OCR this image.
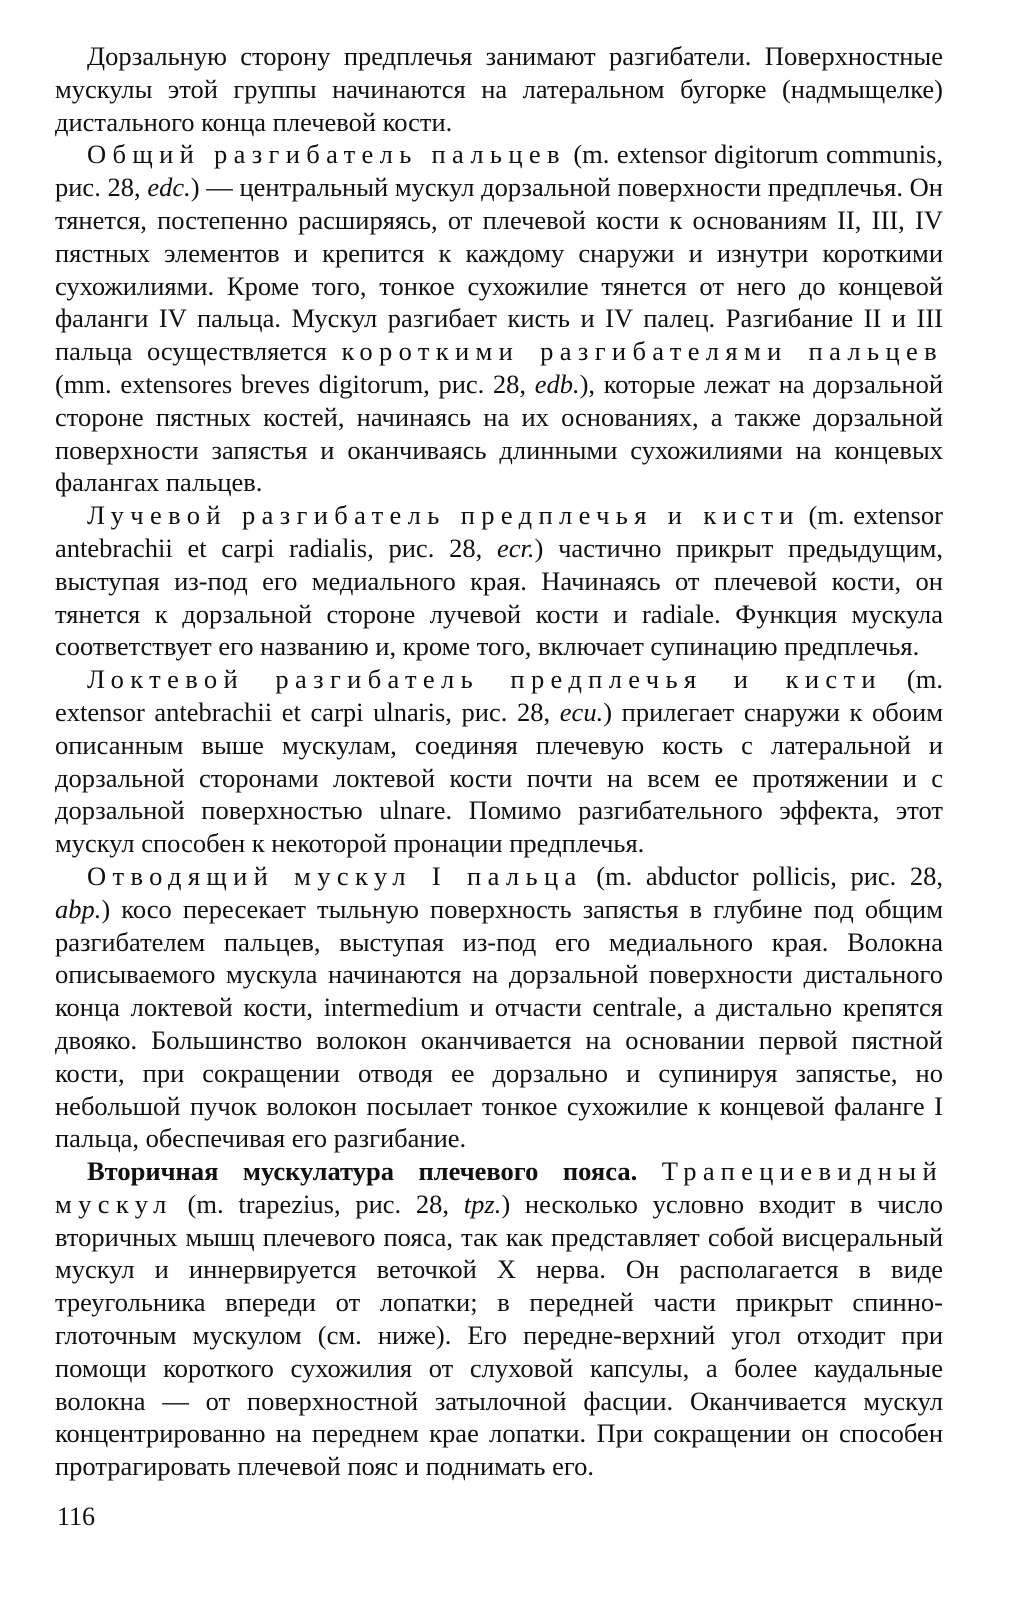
Дорзальную сторону предплечья занимают разгибатели. Поверхностные мускулы этой группы начинаются на латеральном бугорке (надмыщелке) дистального конца плечевой кости.

Общий разгибатель пальцев (m. extensor digitorum communis, рис. 28, edc.) — центральный мускул дорзальной поверхности предплечья. Он тянется, постепенно расширяясь, от плечевой кости к основаниям II, III, IV пястных элементов и крепится к каждому снаружи и изнутри короткими сухожилиями. Кроме того, тонкое сухожилие тянется от него до концевой фаланги IV пальца. Мускул разгибает кисть и IV палец. Разгибание II и III пальца осуществляется короткими разгибателями пальцев (mm. extensores breves digitorum, рис. 28, edb.), которые лежат на дорзальной стороне пястных костей, начинаясь на их основаниях, а также дорзальной поверхности запястья и оканчиваясь длинными сухожилиями на концевых фалангах пальцев.

Лучевой разгибатель предплечья и кисти (m. extensor antebrachii et carpi radialis, рис. 28, ecr.) частично прикрыт предыдущим, выступая из-под его медиального края. Начинаясь от плечевой кости, он тянется к дорзальной стороне лучевой кости и radiale. Функция мускула соответствует его названию и, кроме того, включает супинацию предплечья.

Локтевой разгибатель предплечья и кисти (m. extensor antebrachii et carpi ulnaris, рис. 28, ecu.) прилегает снаружи к обоим описанным выше мускулам, соединяя плечевую кость с латеральной и дорзальной сторонами локтевой кости почти на всем ее протяжении и с дорзальной поверхностью ulnare. Помимо разгибательного эффекта, этот мускул способен к некоторой пронации предплечья.

Отводящий мускул I пальца (m. abductor pollicis, рис. 28, abp.) косо пересекает тыльную поверхность запястья в глубине под общим разгибателем пальцев, выступая из-под его медиального края. Волокна описываемого мускула начинаются на дорзальной поверхности дистального конца локтевой кости, intermedium и отчасти centrale, а дистально крепятся двояко. Большинство волокон оканчивается на основании первой пястной кости, при сокращении отводя ее дорзально и супинируя запястье, но небольшой пучок волокон посылает тонкое сухожилие к концевой фаланге I пальца, обеспечивая его разгибание.

Вторичная мускулатура плечевого пояса. Трапециевидный мускул (m. trapezius, рис. 28, tpz.) несколько условно входит в число вторичных мышц плечевого пояса, так как представляет собой висцеральный мускул и иннервируется веточкой X нерва. Он располагается в виде треугольника впереди от лопатки; в передней части прикрыт спинно-глоточным мускулом (см. ниже). Его передне-верхний угол отходит при помощи короткого сухожилия от слуховой капсулы, а более каудальные волокна — от поверхностной затылочной фасции. Оканчивается мускул концентрированно на переднем крае лопатки. При сокращении он способен протрагировать плечевой пояс и поднимать его.

116
